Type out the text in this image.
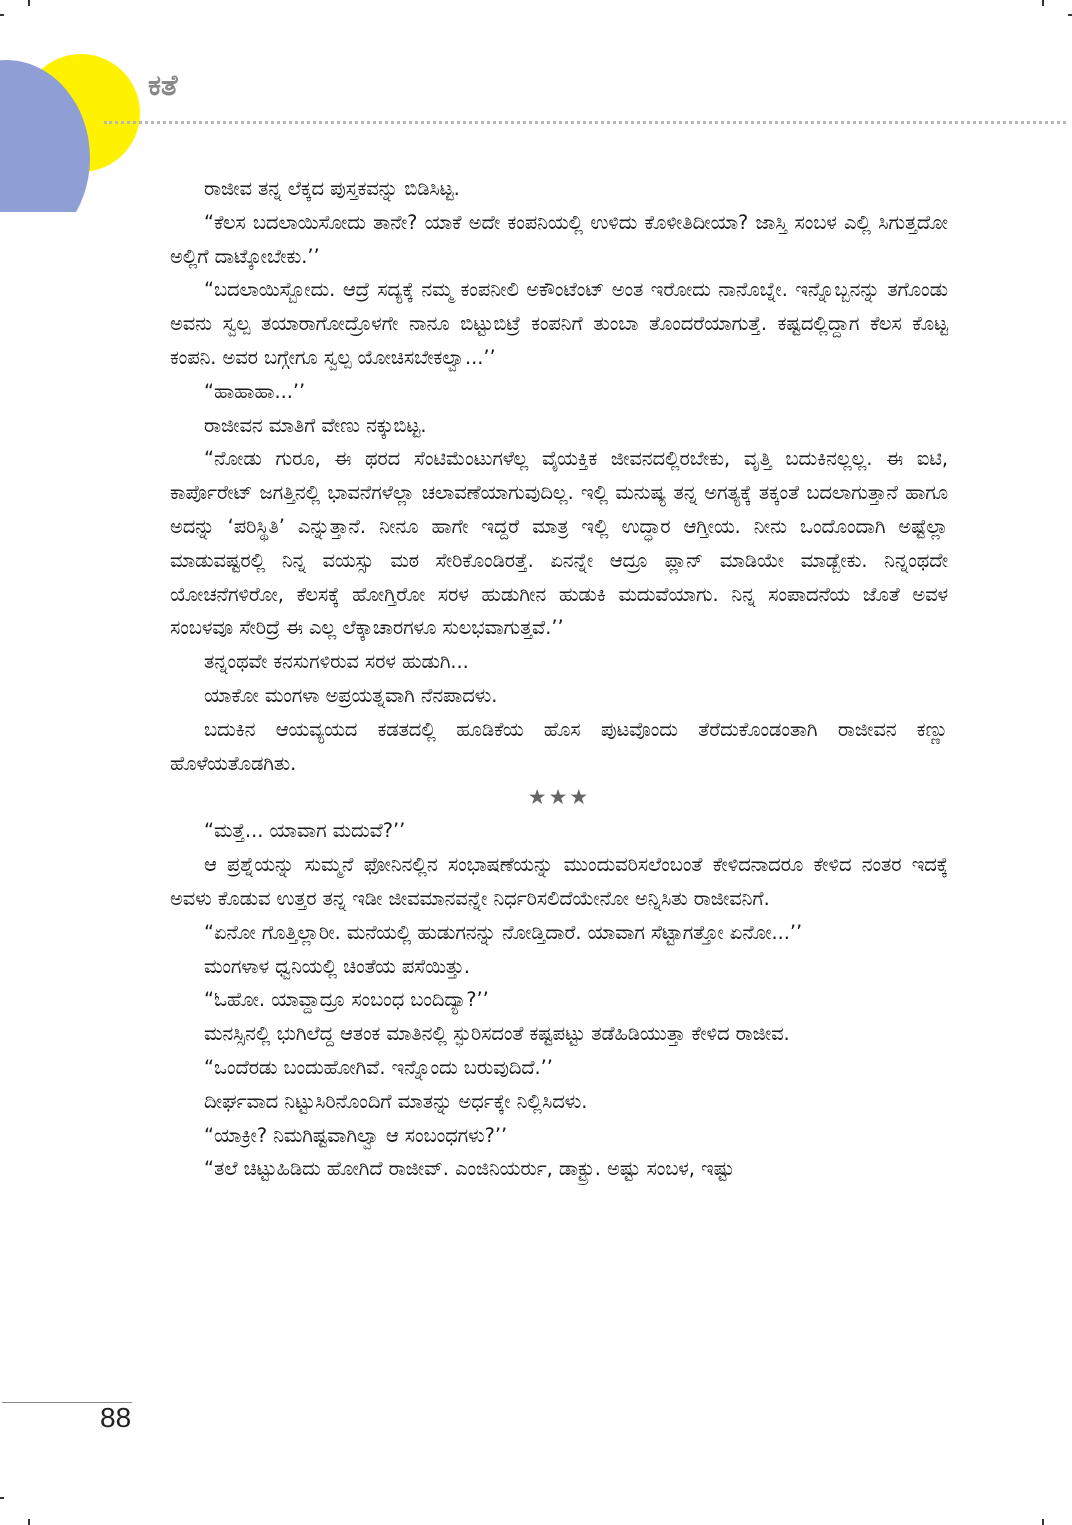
ಕತೆ

ರಾಜೀವ ತನ್ನ ಲೆಕ್ಕದ ಪುಸ್ತಕವನ್ನು ಬಿಡಿಸಿಟ್ಟ.

“ಕೆಲಸ ಬದಲಾಯಿಸೋದು ತಾನೇ? ಯಾಕೆ ಅದೇ ಕಂಪನಿಯಲ್ಲಿ ಉಳಿದು ಕೊಳೀತಿದೀಯಾ? ಜಾಸ್ತಿ ಸಂಬಳ ಎಲ್ಲಿ ಸಿಗುತ್ತದೋ ಅಲ್ಲಿಗೆ ದಾಟ್ಕೋಬೇಕು.’’

“ಬದಲಾಯಿಸ್ಬೋದು. ಆದ್ರೆ ಸದ್ಯಕ್ಕೆ ನಮ್ಮ ಕಂಪನೀಲಿ ಅಕೌಂಟೆಂಟ್ ಅಂತ ಇರೋದು ನಾನೊಬ್ನೇ. ಇನ್ನೊಬ್ಬನನ್ನು ತಗೊಂಡು ಅವನು ಸ್ವಲ್ಪ ತಯಾರಾಗೋದ್ರೊಳಗೇ ನಾನೂ ಬಿಟ್ಟುಬಿಟ್ರೆ ಕಂಪನಿಗೆ ತುಂಬಾ ತೊಂದರೆಯಾಗುತ್ತೆ. ಕಷ್ಟದಲ್ಲಿದ್ದಾಗ ಕೆಲಸ ಕೊಟ್ಟ ಕಂಪನಿ. ಅವರ ಬಗ್ಗೇಗೂ ಸ್ವಲ್ಪ ಯೋಚಿಸಬೇಕಲ್ವಾ...’’

“ಹಾಹಾಹಾ...’’

ರಾಜೀವನ ಮಾತಿಗೆ ವೇಣು ನಕ್ಕುಬಿಟ್ಟ.

“ನೋಡು ಗುರೂ, ಈ ಥರದ ಸೆಂಟಿಮೆಂಟುಗಳೆಲ್ಲ ವೈಯಕ್ತಿಕ ಜೀವನದಲ್ಲಿರಬೇಕು, ವೃತ್ತಿ ಬದುಕಿನಲ್ಲಲ್ಲ. ಈ ಐಟಿ, ಕಾರ್ಪೊರೇಟ್ ಜಗತ್ತಿನಲ್ಲಿ ಭಾವನೆಗಳೆಲ್ಲಾ ಚಲಾವಣೆಯಾಗುವುದಿಲ್ಲ. ಇಲ್ಲಿ ಮನುಷ್ಯ ತನ್ನ ಅಗತ್ಯಕ್ಕೆ ತಕ್ಕಂತೆ ಬದಲಾಗುತ್ತಾನೆ ಹಾಗೂ ಅದನ್ನು ‘ಪರಿಸ್ಥಿತಿ’ ಎನ್ನುತ್ತಾನೆ. ನೀನೂ ಹಾಗೇ ಇದ್ದರೆ ಮಾತ್ರ ಇಲ್ಲಿ ಉದ್ಧಾರ ಆಗ್ತೀಯ. ನೀನು ಒಂದೊಂದಾಗಿ ಅಷ್ಟೆಲ್ಲಾ ಮಾಡುವಷ್ಟರಲ್ಲಿ ನಿನ್ನ ವಯಸ್ಸು ಮಠ ಸೇರಿಕೊಂಡಿರತ್ತೆ. ಏನನ್ನೇ ಆದ್ರೂ ಪ್ಲಾನ್ ಮಾಡಿಯೇ ಮಾಡ್ಬೇಕು. ನಿನ್ನಂಥದೇ ಯೋಚನೆಗಳಿರೋ, ಕೆಲಸಕ್ಕೆ ಹೋಗ್ತಿರೋ ಸರಳ ಹುಡುಗೀನ ಹುಡುಕಿ ಮದುವೆಯಾಗು. ನಿನ್ನ ಸಂಪಾದನೆಯ ಜೊತೆ ಅವಳ ಸಂಬಳವೂ ಸೇರಿದ್ರೆ ಈ ಎಲ್ಲ ಲೆಕ್ಕಾಚಾರಗಳೂ ಸುಲಭವಾಗುತ್ತವೆ.’’

ತನ್ನಂಥವೇ ಕನಸುಗಳಿರುವ ಸರಳ ಹುಡುಗಿ...

ಯಾಕೋ ಮಂಗಳಾ ಅಪ್ರಯತ್ನವಾಗಿ ನೆನಪಾದಳು.

ಬದುಕಿನ ಆಯವ್ಯಯದ ಕಡತದಲ್ಲಿ ಹೂಡಿಕೆಯ ಹೊಸ ಪುಟವೊಂದು ತೆರೆದುಕೊಂಡಂತಾಗಿ ರಾಜೀವನ ಕಣ್ಣು ಹೊಳೆಯತೊಡಗಿತು.

★★★

“ಮತ್ತೆ... ಯಾವಾಗ ಮದುವೆ?’’

ಆ ಪ್ರಶ್ನೆಯನ್ನು ಸುಮ್ಮನೆ ಫೋನಿನಲ್ಲಿನ ಸಂಭಾಷಣೆಯನ್ನು ಮುಂದುವರಿಸಲೆಂಬಂತೆ ಕೇಳಿದನಾದರೂ ಕೇಳಿದ ನಂತರ ಇದಕ್ಕೆ ಅವಳು ಕೊಡುವ ಉತ್ತರ ತನ್ನ ಇಡೀ ಜೀವಮಾನವನ್ನೇ ನಿರ್ಧರಿಸಲಿದೆಯೇನೋ ಅನ್ನಿಸಿತು ರಾಜೀವನಿಗೆ.

“ಏನೋ ಗೊತ್ತಿಲ್ಲಾರೀ. ಮನೆಯಲ್ಲಿ ಹುಡುಗನನ್ನು ನೋಡ್ತಿದಾರೆ. ಯಾವಾಗ ಸೆಟ್ಟಾಗತ್ತೋ ಏನೋ...’’

ಮಂಗಳಾಳ ಧ್ವನಿಯಲ್ಲಿ ಚಿಂತೆಯ ಪಸೆಯಿತ್ತು.

“ಓಹೋ. ಯಾವ್ದಾದ್ರೂ ಸಂಬಂಧ ಬಂದಿದ್ಯಾ?’’

ಮನಸ್ಸಿನಲ್ಲಿ ಭುಗಿಲೆದ್ದ ಆತಂಕ ಮಾತಿನಲ್ಲಿ ಸ್ಫುರಿಸದಂತೆ ಕಷ್ಟಪಟ್ಟು ತಡೆಹಿಡಿಯುತ್ತಾ ಕೇಳಿದ ರಾಜೀವ.

“ಒಂದೆರಡು ಬಂದುಹೋಗಿವೆ. ಇನ್ನೊಂದು ಬರುವುದಿದೆ.’’

ದೀರ್ಘವಾದ ನಿಟ್ಟುಸಿರಿನೊಂದಿಗೆ ಮಾತನ್ನು ಅರ್ಧಕ್ಕೇ ನಿಲ್ಲಿಸಿದಳು.

“ಯಾಕ್ರೀ? ನಿಮಗಿಷ್ಟವಾಗಿಲ್ವಾ ಆ ಸಂಬಂಧಗಳು?’’

“ತಲೆ ಚಿಟ್ಟುಹಿಡಿದು ಹೋಗಿದೆ ರಾಜೀವ್. ಎಂಜಿನಿಯರ್ರು, ಡಾಕ್ಟ್ರು. ಅಷ್ಟು ಸಂಬಳ, ಇಷ್ಟು

88
